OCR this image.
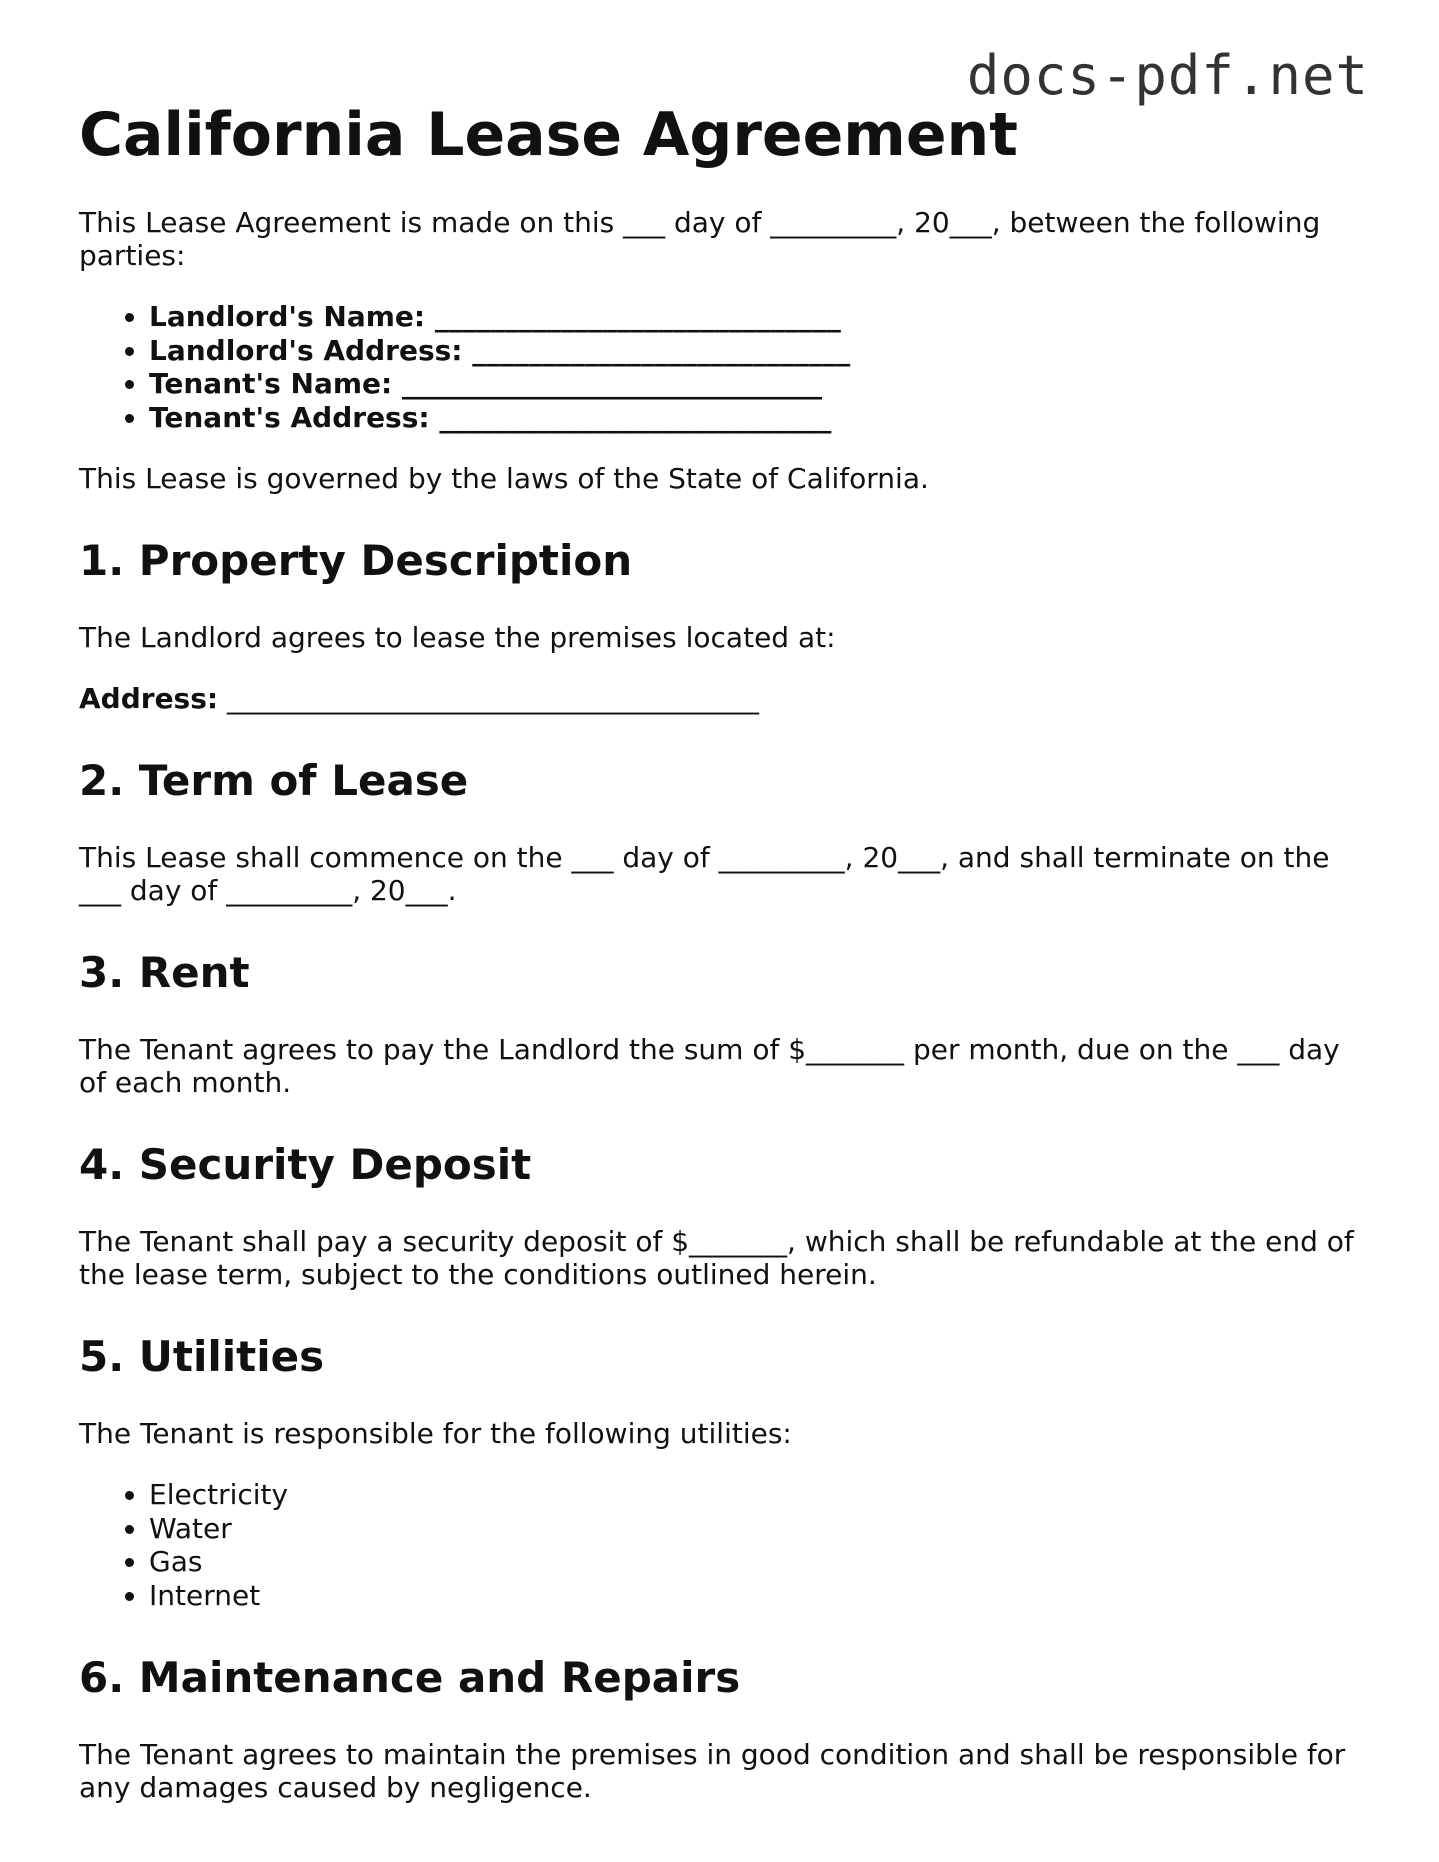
docs-pdf.net
California Lease Agreement

This Lease Agreement is made on this ___ day of _________, 20___, between the following parties:

• Landlord's Name: _____________________________
• Landlord's Address: ___________________________
• Tenant's Name: ______________________________
• Tenant's Address: ____________________________

This Lease is governed by the laws of the State of California.

1. Property Description

The Landlord agrees to lease the premises located at:

Address: ______________________________________

2. Term of Lease

This Lease shall commence on the ___ day of _________, 20___, and shall terminate on the ___ day of _________, 20___.

3. Rent

The Tenant agrees to pay the Landlord the sum of $_______ per month, due on the ___ day of each month.

4. Security Deposit

The Tenant shall pay a security deposit of $_______, which shall be refundable at the end of the lease term, subject to the conditions outlined herein.

5. Utilities

The Tenant is responsible for the following utilities:

• Electricity
• Water
• Gas
• Internet
6. Maintenance and Repairs

The Tenant agrees to maintain the premises in good condition and shall be responsible for any damages caused by negligence.
